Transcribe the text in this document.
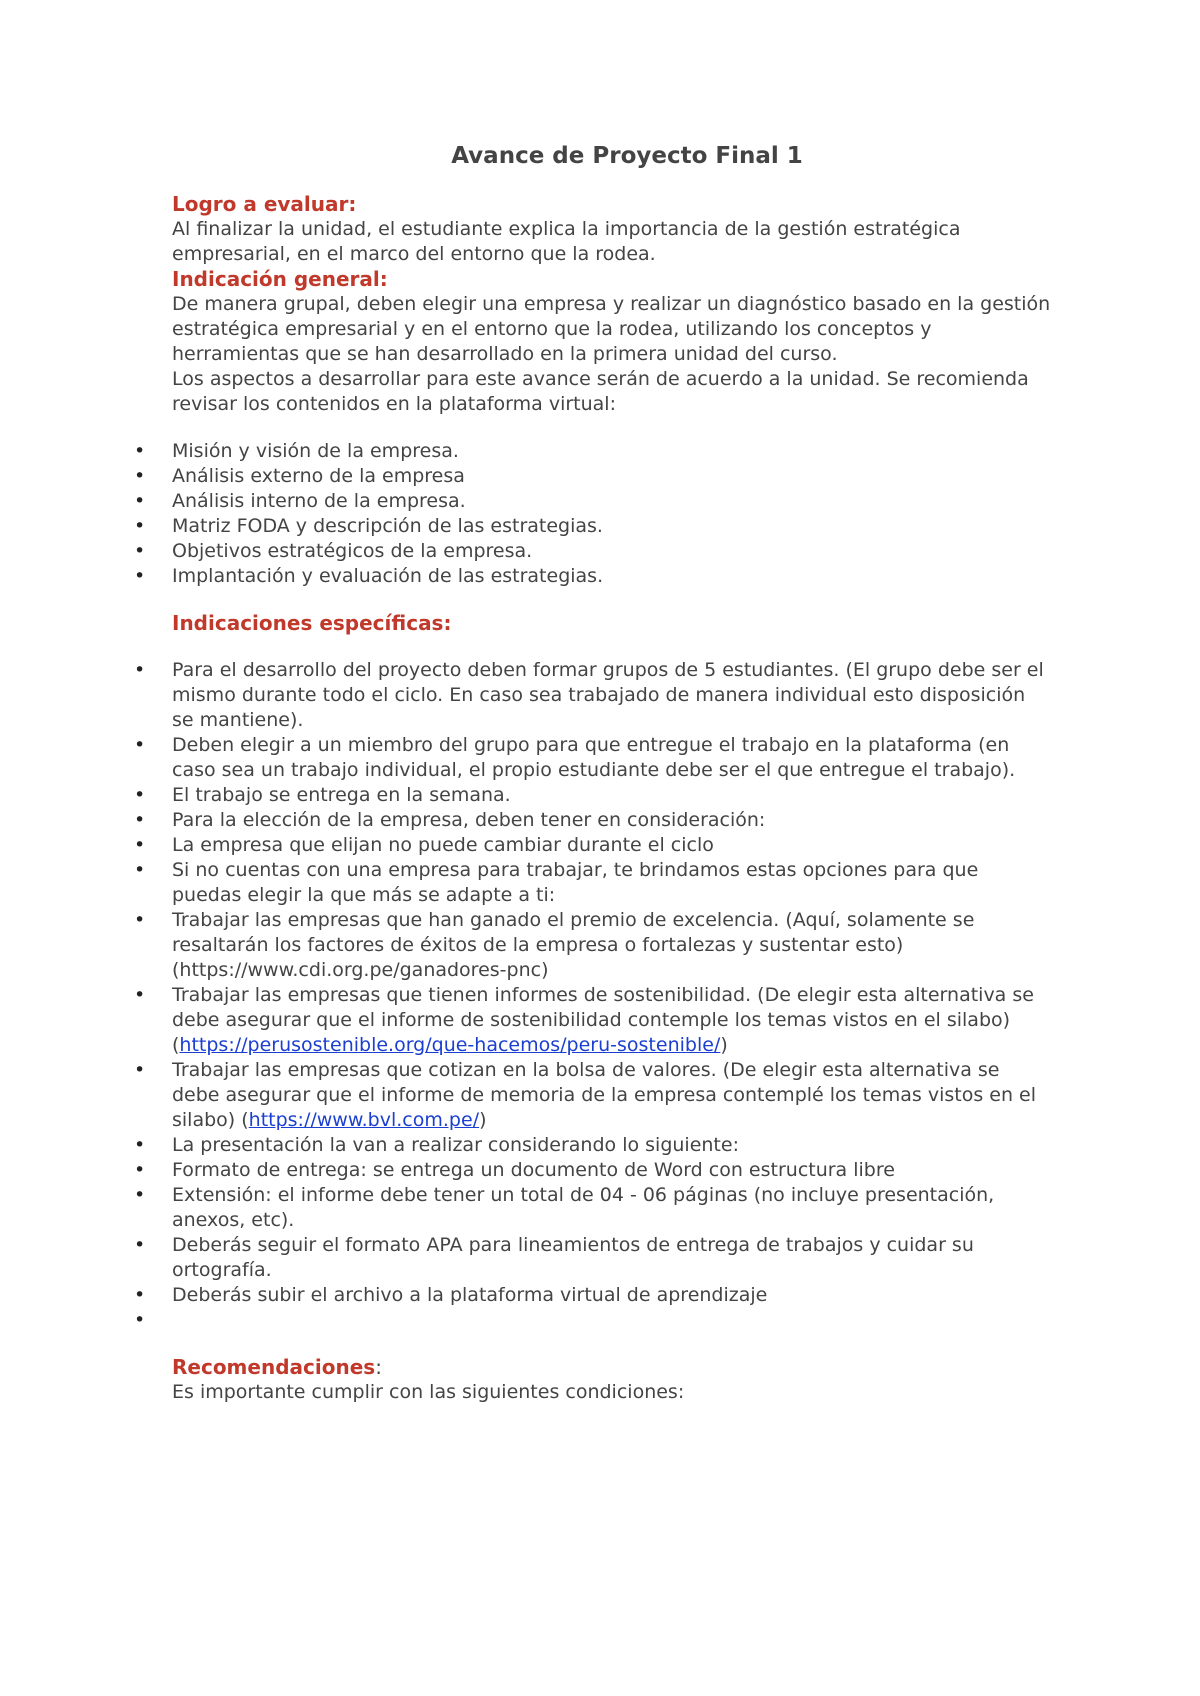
Avance de Proyecto Final 1
Logro a evaluar:
Al finalizar la unidad, el estudiante explica la importancia de la gestión estratégica empresarial, en el marco del entorno que la rodea.
Indicación general:
De manera grupal, deben elegir una empresa y realizar un diagnóstico basado en la gestión estratégica empresarial y en el entorno que la rodea, utilizando los conceptos y herramientas que se han desarrollado en la primera unidad del curso.
Los aspectos a desarrollar para este avance serán de acuerdo a la unidad. Se recomienda revisar los contenidos en la plataforma virtual:
• Misión y visión de la empresa.
• Análisis externo de la empresa
• Análisis interno de la empresa.
• Matriz FODA y descripción de las estrategias.
• Objetivos estratégicos de la empresa.
• Implantación y evaluación de las estrategias.
Indicaciones específicas:
• Para el desarrollo del proyecto deben formar grupos de 5 estudiantes. (El grupo debe ser el mismo durante todo el ciclo. En caso sea trabajado de manera individual esto disposición se mantiene).
• Deben elegir a un miembro del grupo para que entregue el trabajo en la plataforma (en caso sea un trabajo individual, el propio estudiante debe ser el que entregue el trabajo).
• El trabajo se entrega en la semana.
• Para la elección de la empresa, deben tener en consideración:
• La empresa que elijan no puede cambiar durante el ciclo
• Si no cuentas con una empresa para trabajar, te brindamos estas opciones para que puedas elegir la que más se adapte a ti:
• Trabajar las empresas que han ganado el premio de excelencia. (Aquí, solamente se resaltarán los factores de éxitos de la empresa o fortalezas y sustentar esto) (https://www.cdi.org.pe/ganadores-pnc)
• Trabajar las empresas que tienen informes de sostenibilidad. (De elegir esta alternativa se debe asegurar que el informe de sostenibilidad contemple los temas vistos en el silabo) (https://perusostenible.org/que-hacemos/peru-sostenible/)
• Trabajar las empresas que cotizan en la bolsa de valores. (De elegir esta alternativa se debe asegurar que el informe de memoria de la empresa contemplé los temas vistos en el silabo) (https://www.bvl.com.pe/)
• La presentación la van a realizar considerando lo siguiente:
• Formato de entrega: se entrega un documento de Word con estructura libre
• Extensión: el informe debe tener un total de 04 - 06 páginas (no incluye presentación, anexos, etc).
• Deberás seguir el formato APA para lineamientos de entrega de trabajos y cuidar su ortografía.
• Deberás subir el archivo a la plataforma virtual de aprendizaje
•

Recomendaciones:
Es importante cumplir con las siguientes condiciones:
